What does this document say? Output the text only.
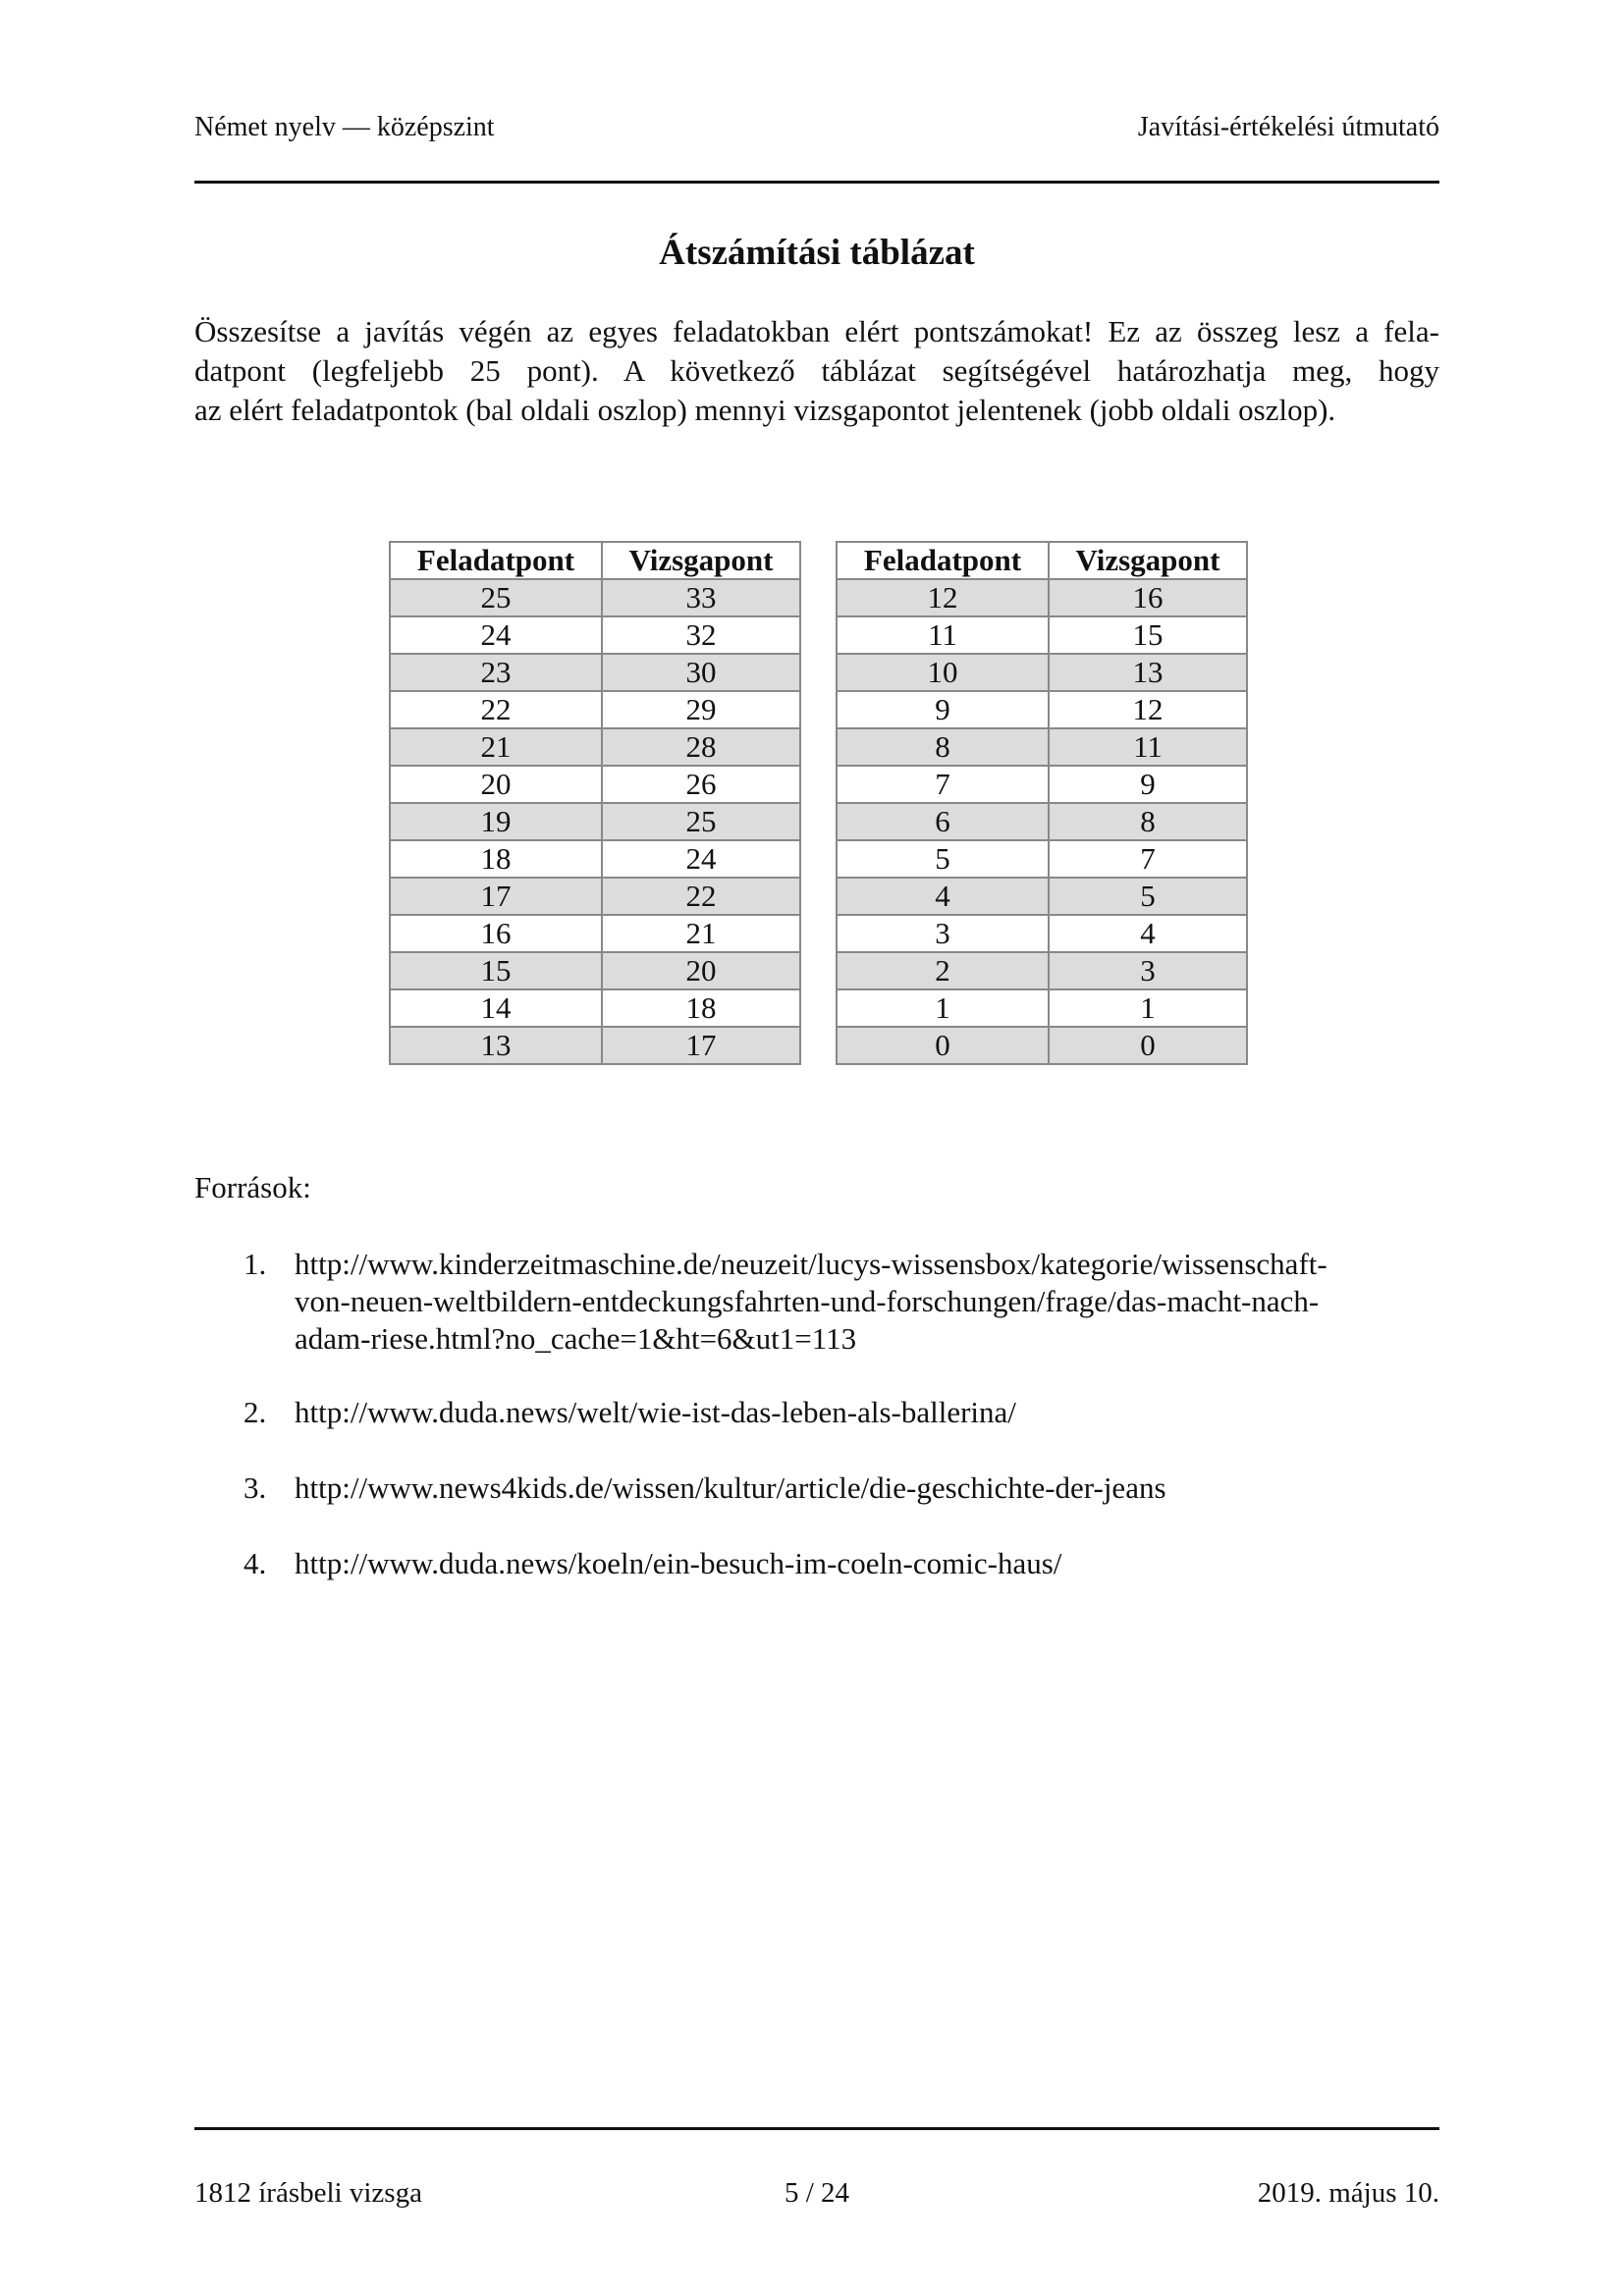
Német nyelv — középszint	Javítási-értékelési útmutató
Átszámítási táblázat
Összesítse a javítás végén az egyes feladatokban elért pontszámokat! Ez az összeg lesz a fela-
datpont (legfeljebb 25 pont). A következő táblázat segítségével határozhatja meg, hogy
az elért feladatpontok (bal oldali oszlop) mennyi vizsgapontot jelentenek (jobb oldali oszlop).
Feladatpont	Vizsgapont
25	33
24	32
23	30
22	29
21	28
20	26
19	25
18	24
17	22
16	21
15	20
14	18
13	17
Feladatpont	Vizsgapont
12	16
11	15
10	13
9	12
8	11
7	9
6	8
5	7
4	5
3	4
2	3
1	1
0	0
Források:
1. http://www.kinderzeitmaschine.de/neuzeit/lucys-wissensbox/kategorie/wissenschaft-
von-neuen-weltbildern-entdeckungsfahrten-und-forschungen/frage/das-macht-nach-
adam-riese.html?no_cache=1&ht=6&ut1=113
2. http://www.duda.news/welt/wie-ist-das-leben-als-ballerina/
3. http://www.news4kids.de/wissen/kultur/article/die-geschichte-der-jeans
4. http://www.duda.news/koeln/ein-besuch-im-coeln-comic-haus/
1812 írásbeli vizsga	5 / 24	2019. május 10.
